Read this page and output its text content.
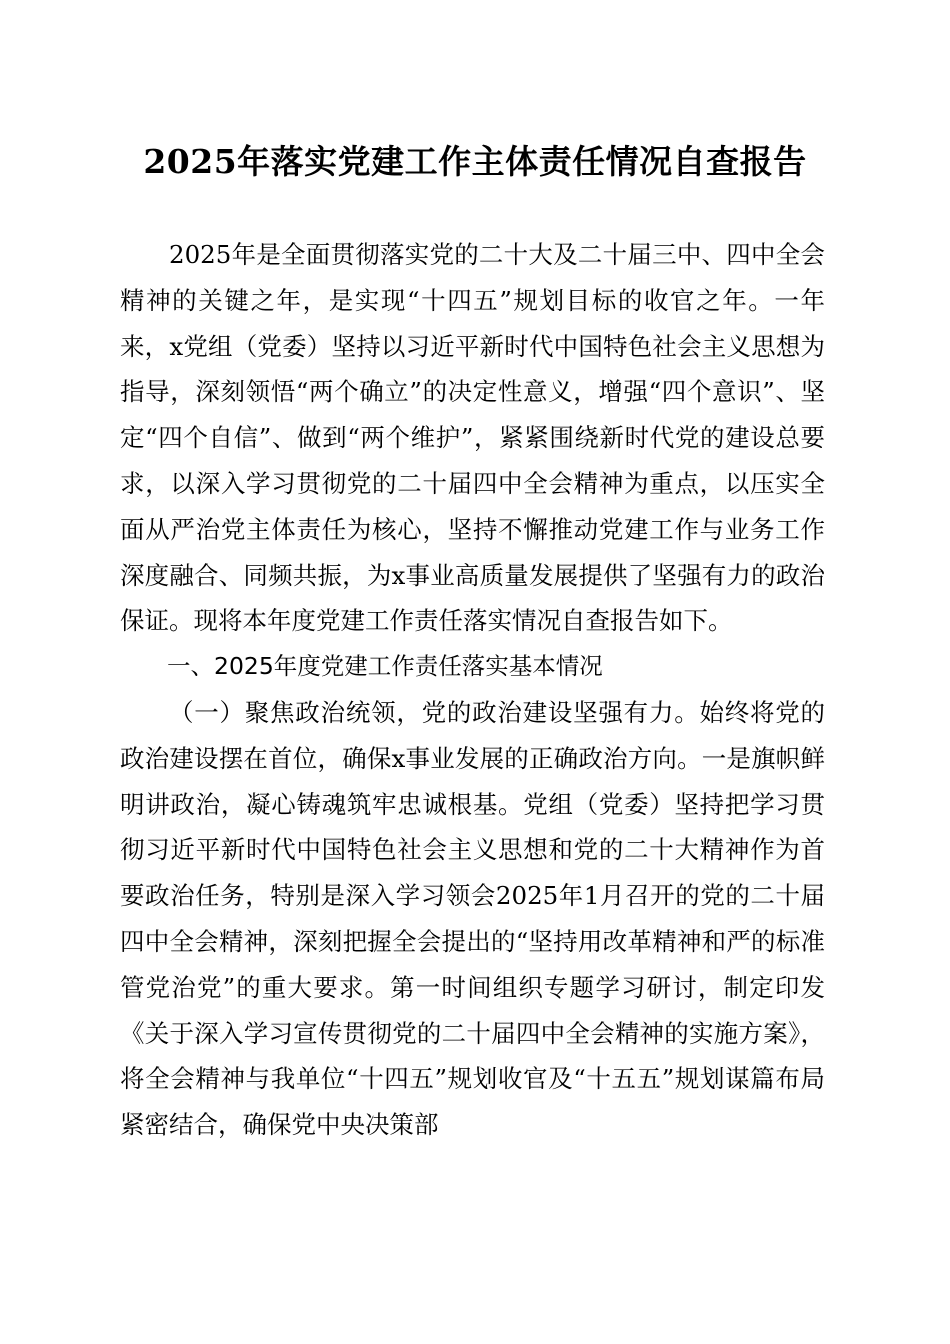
2025年落实党建工作主体责任情况自查报告

2025年是全面贯彻落实党的二十大及二十届三中、四中全会精神的关键之年，是实现“十四五”规划目标的收官之年。一年来，x党组（党委）坚持以习近平新时代中国特色社会主义思想为指导，深刻领悟“两个确立”的决定性意义，增强“四个意识”、坚定“四个自信”、做到“两个维护”，紧紧围绕新时代党的建设总要求，以深入学习贯彻党的二十届四中全会精神为重点，以压实全面从严治党主体责任为核心，坚持不懈推动党建工作与业务工作深度融合、同频共振，为x事业高质量发展提供了坚强有力的政治保证。现将本年度党建工作责任落实情况自查报告如下。

一、2025年度党建工作责任落实基本情况

（一）聚焦政治统领，党的政治建设坚强有力。始终将党的政治建设摆在首位，确保x事业发展的正确政治方向。一是旗帜鲜明讲政治，凝心铸魂筑牢忠诚根基。党组（党委）坚持把学习贯彻习近平新时代中国特色社会主义思想和党的二十大精神作为首要政治任务，特别是深入学习领会2025年1月召开的党的二十届四中全会精神，深刻把握全会提出的“坚持用改革精神和严的标准管党治党”的重大要求。第一时间组织专题学习研讨，制定印发《关于深入学习宣传贯彻党的二十届四中全会精神的实施方案》，将全会精神与我单位“十四五”规划收官及“十五五”规划谋篇布局紧密结合，确保党中央决策部
